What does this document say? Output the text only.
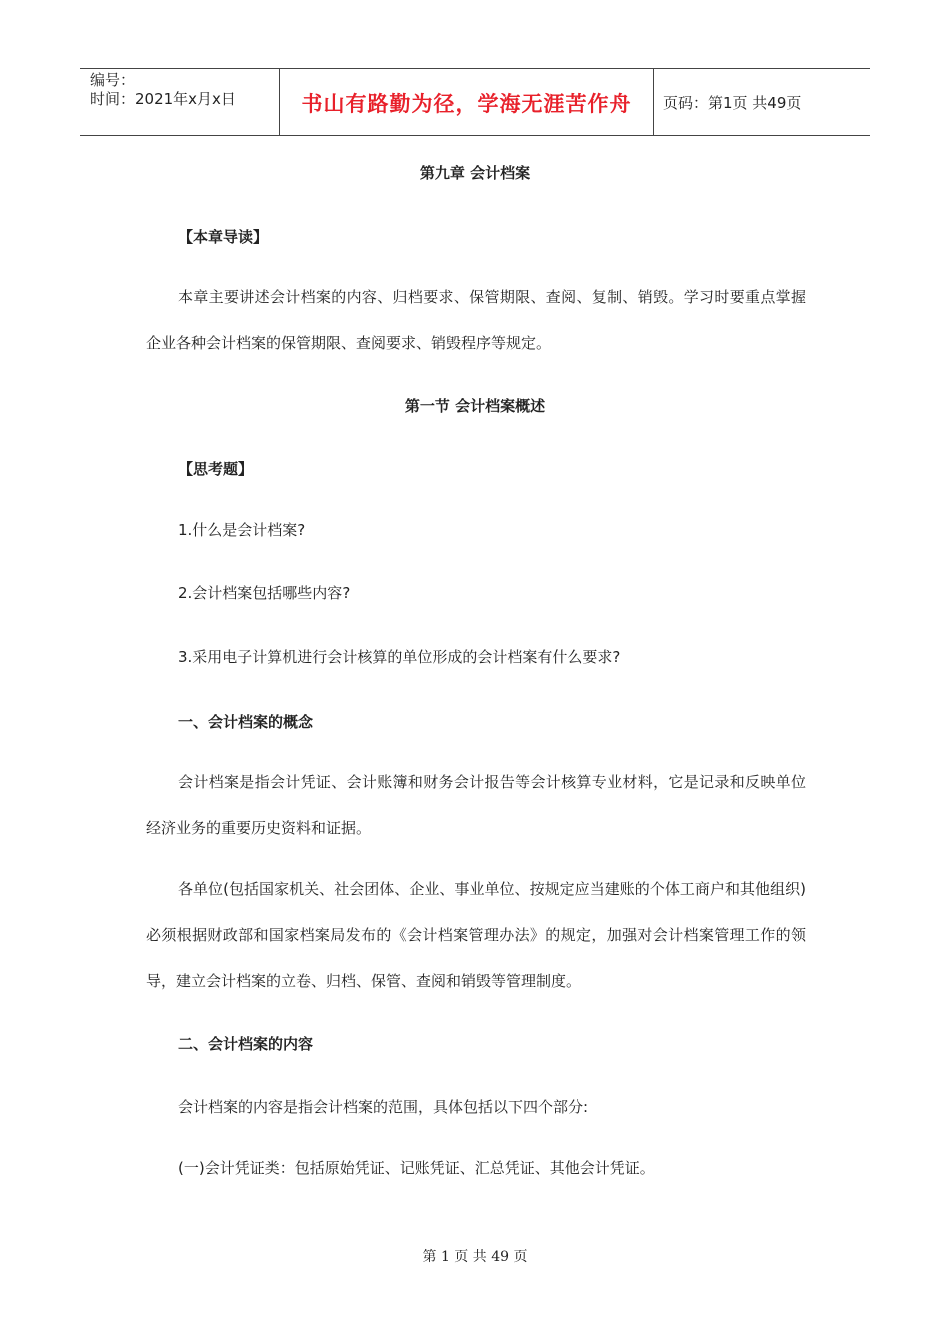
编号：
时间：2021年x月x日	书山有路勤为径，学海无涯苦作舟	页码：第1页 共49页
第九章 会计档案
【本章导读】

本章主要讲述会计档案的内容、归档要求、保管期限、查阅、复制、销毁。学习时要重点掌握企业各种会计档案的保管期限、查阅要求、销毁程序等规定。

第一节 会计档案概述
【思考题】
1.什么是会计档案?
2.会计档案包括哪些内容?
3.采用电子计算机进行会计核算的单位形成的会计档案有什么要求?
一、会计档案的概念

会计档案是指会计凭证、会计账簿和财务会计报告等会计核算专业材料，它是记录和反映单位经济业务的重要历史资料和证据。

各单位(包括国家机关、社会团体、企业、事业单位、按规定应当建账的个体工商户和其他组织)必须根据财政部和国家档案局发布的《会计档案管理办法》的规定，加强对会计档案管理工作的领导，建立会计档案的立卷、归档、保管、查阅和销毁等管理制度。

二、会计档案的内容
会计档案的内容是指会计档案的范围，具体包括以下四个部分:
(一)会计凭证类：包括原始凭证、记账凭证、汇总凭证、其他会计凭证。
第 1 页 共 49 页
